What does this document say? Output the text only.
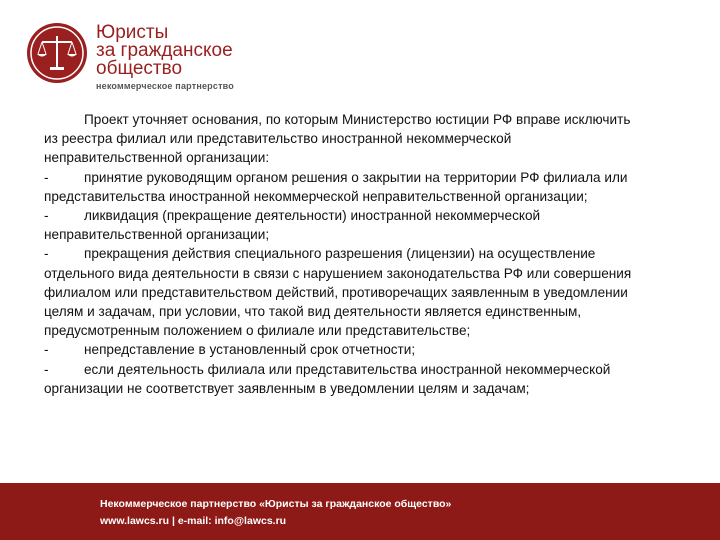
Юристы
за гражданское
общество
некоммерческое партнерство

Проект уточняет основания, по которым Министерство юстиции РФ вправе исключить из реестра филиал или представительство иностранной некоммерческой неправительственной организации:

-	принятие руководящим органом решения о закрытии на территории РФ филиала или представительства иностранной некоммерческой неправительственной организации;

-	ликвидация (прекращение деятельности) иностранной некоммерческой неправительственной организации;

-	прекращения действия специального разрешения (лицензии) на осуществление отдельного вида деятельности в связи с нарушением законодательства РФ или совершения филиалом или представительством действий, противоречащих заявленным в уведомлении целям и задачам, при условии, что такой вид деятельности является единственным, предусмотренным положением о филиале или представительстве;

-	непредставление в установленный срок отчетности;

-	если деятельность филиала или представительства иностранной некоммерческой организации не соответствует заявленным в уведомлении целям и задачам;

Некоммерческое партнерство «Юристы за гражданское общество»
www.lawcs.ru | e-mail: info@lawcs.ru
